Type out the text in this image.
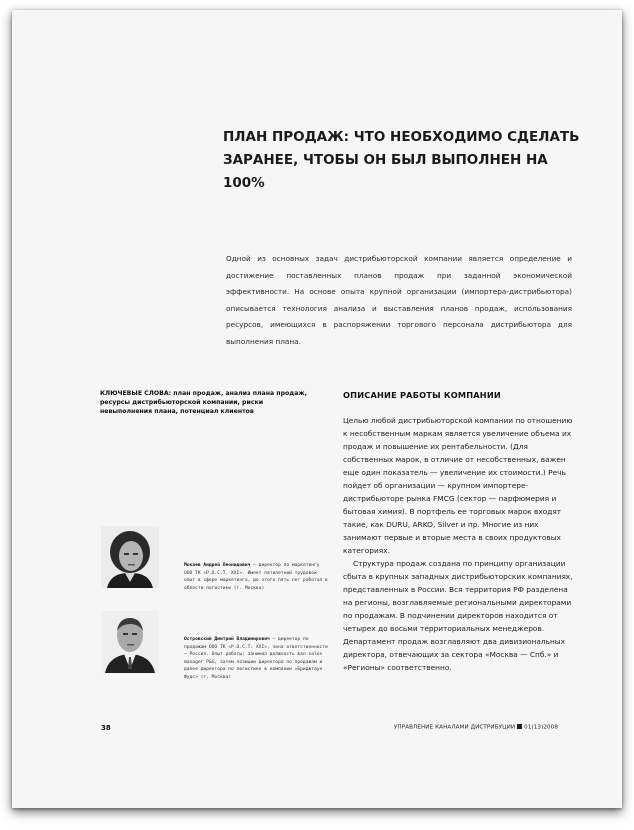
ПЛАН ПРОДАЖ: ЧТО НЕОБХОДИМО СДЕЛАТЬ
ЗАРАНЕЕ, ЧТОБЫ ОН БЫЛ ВЫПОЛНЕН НА 100%

Одной из основных задач дистрибьюторской компании является определение и достижение поставленных планов продаж при заданной экономической эффективности. На основе опыта крупной организации (импортера-дистрибьютора) описывается технология анализа и выставления планов продаж, использования ресурсов, имеющихся в распоряжении торгового персонала дистрибьютора для выполнения плана.

КЛЮЧЕВЫЕ СЛОВА: план продаж, анализ плана продаж, ресурсы дистрибьюторской компании, риски невыполнения плана, потенциал клиентов

ОПИСАНИЕ РАБОТЫ КОМПАНИИ

Целью любой дистрибьюторской компании по отношению к несобственным маркам является увеличение объема их продаж и повышение их рентабельности. (Для собственных марок, в отличие от несобственных, важен еще один показатель — увеличение их стоимости.) Речь пойдет об организации — крупном импортере-дистрибьюторе рынка FMCG (сектор — парфюмерия и бытовая химия). В портфель ее торговых марок входят такие, как DURU, ARKO, Silver и пр. Многие из них занимают первые и вторые места в своих продуктовых категориях.

Структура продаж создана по принципу организации сбыта в крупных западных дистрибьюторских компаниях, представленных в России. Вся территория РФ разделена на регионы, возглавляемые региональными директорами по продажам. В подчинении директоров находится от четырех до восьми территориальных менеджеров. Департамент продаж возглавляют два дивизиональных директора, отвечающих за сектора «Москва — Спб.» и «Регионы» соответственно.

Мокаев Андрей Леонидович — директор по маркетингу ООО ТК «Р.О.С.Т. XXI». Имеет пятилетний трудовой опыт в сфере маркетинга, до этого пять лет работал в области логистики (г. Москва)

Островский Дмитрий Владимирович — директор по продажам ООО ТК «Р.О.С.Т. XXI», зона ответственности — Россия. Опыт работы: занимал должность kan sales manager P&G, затем позиции директора по продажам и далее директора по логистике в компании «Бриджтаун Фудс» (г. Москва)

38	УПРАВЛЕНИЕ КАНАЛАМИ ДИСТРИБУЦИИ 01(13)2008
